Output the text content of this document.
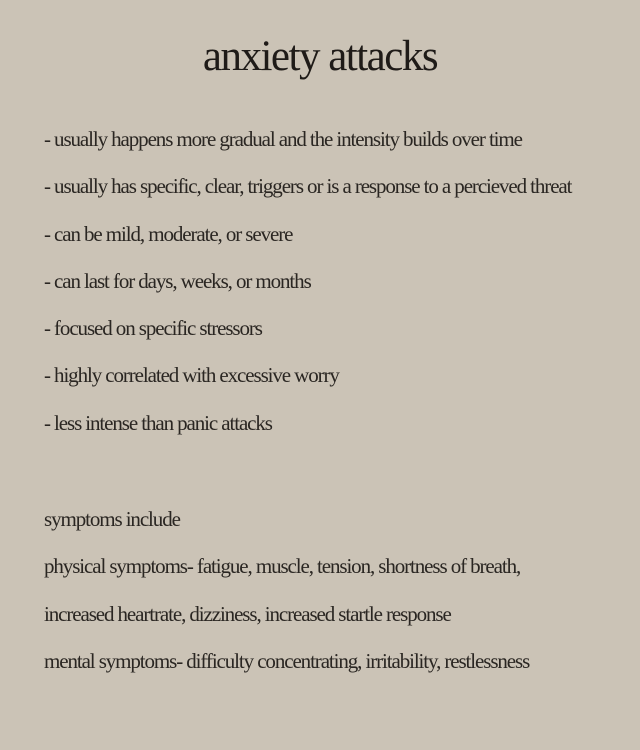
anxiety attacks
- usually happens more gradual and the intensity builds over time
- usually has specific, clear, triggers or is a response to a percieved threat
- can be mild, moderate, or severe
- can last for days, weeks, or months
- focused on specific stressors
- highly correlated with excessive worry
- less intense than panic attacks
symptoms include
physical symptoms- fatigue, muscle, tension, shortness of breath,
increased heartrate, dizziness, increased startle response
mental symptoms- difficulty concentrating, irritability, restlessness
